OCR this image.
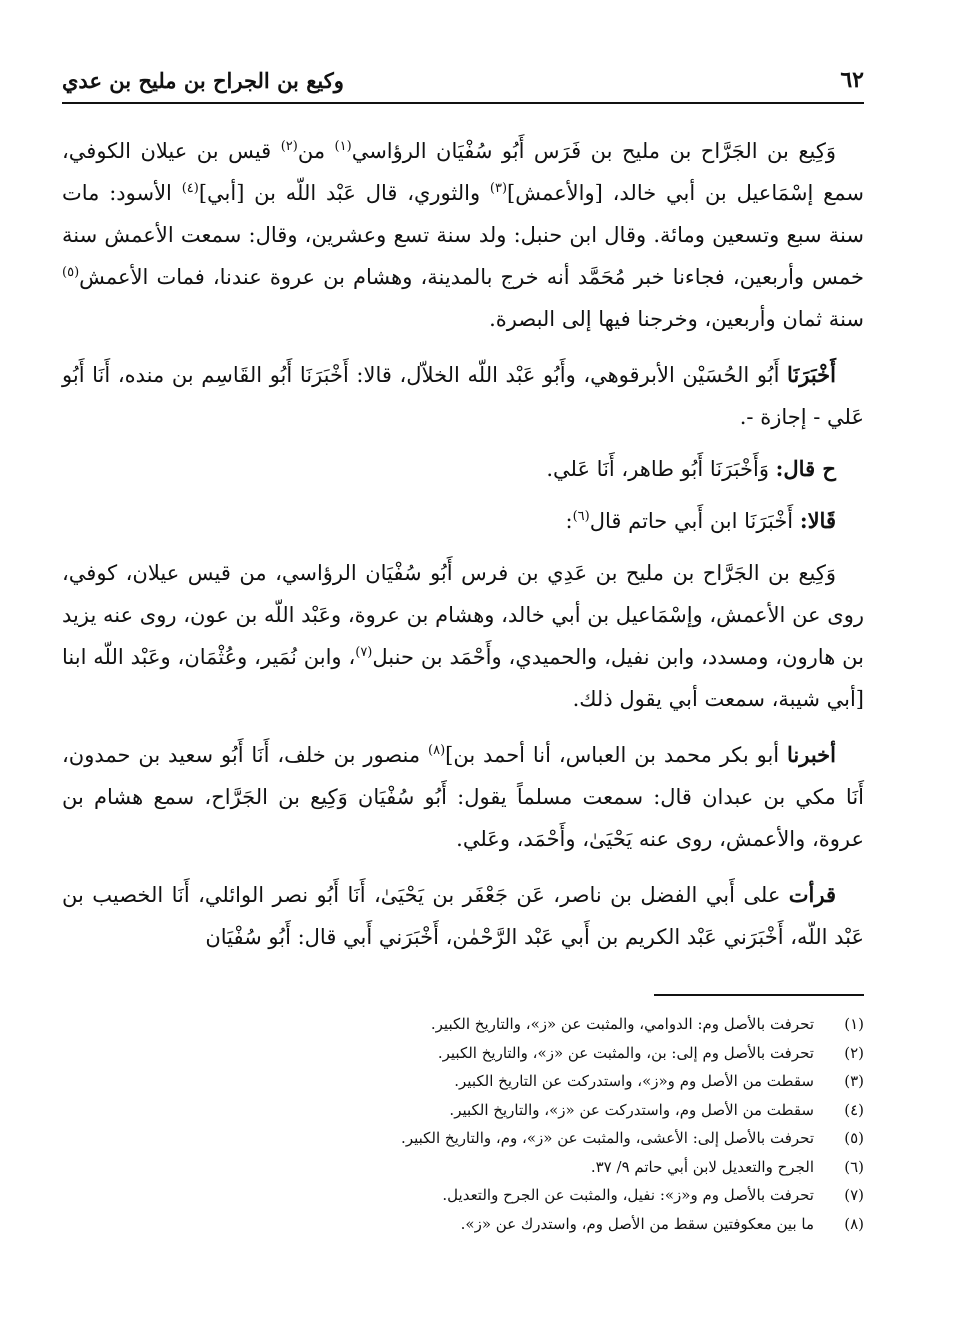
٦٢
وكيع بن الجراح بن مليح بن عدي

وَكِيع بن الجَرَّاح بن مليح بن فَرَس أَبُو سُفْيَان الرؤاسي$^{(١)}$ من$^{(٢)}$ قيس بن عيلان الكوفي، سمع إسْمَاعيل بن أبي خالد، [والأعمش]$^{(٣)}$ والثوري، قال عَبْد اللّه بن [أبي]$^{(٤)}$ الأسود: مات سنة سبع وتسعين ومائة. وقال ابن حنبل: ولد سنة تسع وعشرين، وقال: سمعت الأعمش سنة خمس وأربعين، فجاءنا خبر مُحَمَّد أنه خرج بالمدينة، وهشام بن عروة عندنا، فمات الأعمش$^{(٥)}$ سنة ثمان وأربعين، وخرجنا فيها إلى البصرة.

أَخْبَرَنَا أَبُو الحُسَيْن الأبرقوهي، وأَبُو عَبْد اللّه الخلاّل، قالا: أَخْبَرَنَا أَبُو القَاسِم بن منده، أَنَا أَبُو عَلي - إجازة -.

ح قال: وَأَخْبَرَنَا أَبُو طاهر، أَنَا عَلي.

قَالا: أَخْبَرَنَا ابن أَبي حاتم قال$^{(٦)}$:

وَكِيع بن الجَرَّاح بن مليح بن عَدِي بن فرس أَبُو سُفْيَان الرؤاسي، من قيس عيلان، كوفي، روى عن الأعمش، وإسْمَاعيل بن أبي خالد، وهشام بن عروة، وعَبْد اللّه بن عون، روى عنه يزيد بن هارون، ومسدد، وابن نفيل، والحميدي، وأَحْمَد بن حنبل$^{(٧)}$، وابن نُمَير، وعُثْمَان، وعَبْد اللّه ابنا [أبي شيبة، سمعت أبي يقول ذلك.

أخبرنا أبو بكر محمد بن العباس، أنا أحمد بن]$^{(٨)}$ منصور بن خلف، أَنَا أَبُو سعيد بن حمدون، أَنَا مكي بن عبدان قال: سمعت مسلماً يقول: أَبُو سُفْيَان وَكِيع بن الجَرَّاح، سمع هشام بن عروة، والأعمش، روى عنه يَحْيَىٰ، وأَحْمَد، وعَلي.

قرأت على أَبي الفضل بن ناصر، عَن جَعْفَر بن يَحْيَىٰ، أَنَا أَبُو نصر الوائلي، أَنَا الخصيب بن عَبْد اللّه، أَخْبَرَني عَبْد الكريم بن أَبي عَبْد الرَّحْمٰن، أَخْبَرَني أَبي قال: أَبُو سُفْيَان

(١)
تحرفت بالأصل وم: الدوامي، والمثبت عن «ز»، والتاريخ الكبير.
(٢)
تحرفت بالأصل وم إلى: بن، والمثبت عن «ز»، والتاريخ الكبير.
(٣)
سقطت من الأصل وم و«ز»، واستدركت عن التاريخ الكبير.
(٤)
سقطت من الأصل وم، واستدركت عن «ز»، والتاريخ الكبير.
(٥)
تحرفت بالأصل إلى: الأعشى، والمثبت عن «ز»، وم، والتاريخ الكبير.
(٦)
الجرح والتعديل لابن أبي حاتم ٩/ ٣٧.
(٧)
تحرفت بالأصل وم و«ز»: نفيل، والمثبت عن الجرح والتعديل.
(٨)
ما بين معكوفتين سقط من الأصل وم، واستدرك عن «ز».
